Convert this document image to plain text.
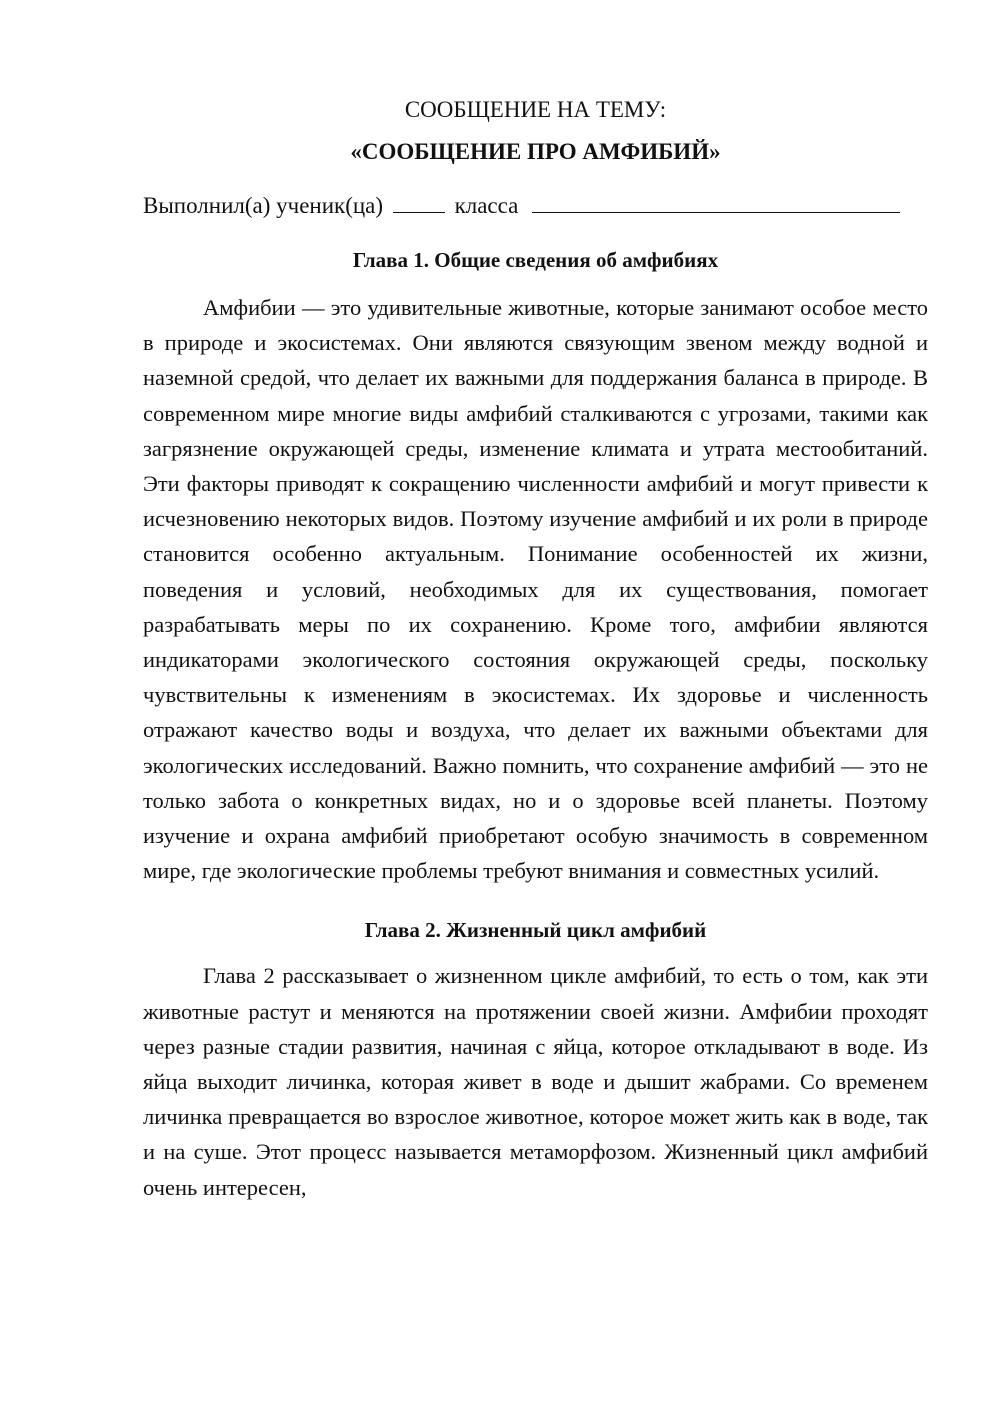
СООБЩЕНИЕ НА ТЕМУ:

«СООБЩЕНИЕ ПРО АМФИБИЙ»

Выполнил(а) ученик(ца)	класса

Глава 1. Общие сведения об амфибиях

Амфибии — это удивительные животные, которые занимают особое место в природе и экосистемах. Они являются связующим звеном между водной и наземной средой, что делает их важными для поддержания баланса в природе. В современном мире многие виды амфибий сталкиваются с угрозами, такими как загрязнение окружающей среды, изменение климата и утрата местообитаний. Эти факторы приводят к сокращению численности амфибий и могут привести к исчезновению некоторых видов. Поэтому изучение амфибий и их роли в природе становится особенно актуальным. Понимание особенностей их жизни, поведения и условий, необходимых для их существования, помогает разрабатывать меры по их сохранению. Кроме того, амфибии являются индикаторами экологического состояния окружающей среды, поскольку чувствительны к изменениям в экосистемах. Их здоровье и численность отражают качество воды и воздуха, что делает их важными объектами для экологических исследований. Важно помнить, что сохранение амфибий — это не только забота о конкретных видах, но и о здоровье всей планеты. Поэтому изучение и охрана амфибий приобретают особую значимость в современном мире, где экологические проблемы требуют внимания и совместных усилий.

Глава 2. Жизненный цикл амфибий

Глава 2 рассказывает о жизненном цикле амфибий, то есть о том, как эти животные растут и меняются на протяжении своей жизни. Амфибии проходят через разные стадии развития, начиная с яйца, которое откладывают в воде. Из яйца выходит личинка, которая живет в воде и дышит жабрами. Со временем личинка превращается во взрослое животное, которое может жить как в воде, так и на суше. Этот процесс называется метаморфозом. Жизненный цикл амфибий очень интересен,
